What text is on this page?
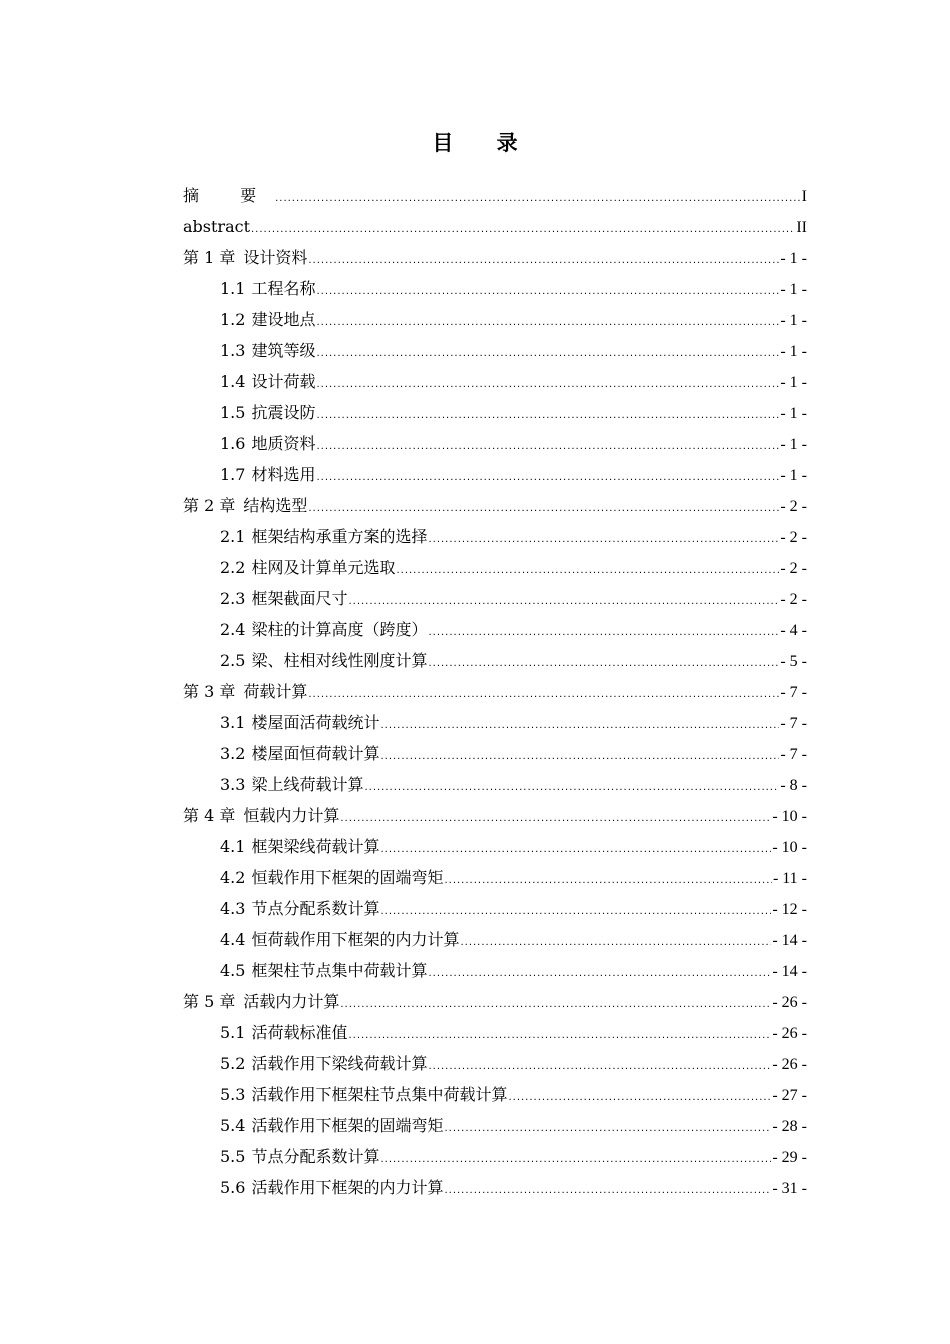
目 录
摘 要 .....	I
abstract .....	II
第 1 章 设计资料 .....	- 1 -
1.1 工程名称 .....	- 1 -
1.2 建设地点 .....	- 1 -
1.3 建筑等级 .....	- 1 -
1.4 设计荷载 .....	- 1 -
1.5 抗震设防 .....	- 1 -
1.6 地质资料 .....	- 1 -
1.7 材料选用 .....	- 1 -
第 2 章 结构选型 .....	- 2 -
2.1 框架结构承重方案的选择 .....	- 2 -
2.2 柱网及计算单元选取 .....	- 2 -
2.3 框架截面尺寸 .....	- 2 -
2.4 梁柱的计算高度（跨度） .....	- 4 -
2.5 梁、柱相对线性刚度计算 .....	- 5 -
第 3 章 荷载计算 .....	- 7 -
3.1 楼屋面活荷载统计 .....	- 7 -
3.2 楼屋面恒荷载计算 .....	- 7 -
3.3 梁上线荷载计算 .....	- 8 -
第 4 章 恒载内力计算 .....	- 10 -
4.1 框架梁线荷载计算 .....	- 10 -
4.2 恒载作用下框架的固端弯矩 .....	- 11 -
4.3 节点分配系数计算 .....	- 12 -
4.4 恒荷载作用下框架的内力计算 .....	- 14 -
4.5 框架柱节点集中荷载计算 .....	- 14 -
第 5 章 活载内力计算 .....	- 26 -
5.1 活荷载标准值 .....	- 26 -
5.2 活载作用下梁线荷载计算 .....	- 26 -
5.3 活载作用下框架柱节点集中荷载计算 .....	- 27 -
5.4 活载作用下框架的固端弯矩 .....	- 28 -
5.5 节点分配系数计算 .....	- 29 -
5.6 活载作用下框架的内力计算 .....	- 31 -
